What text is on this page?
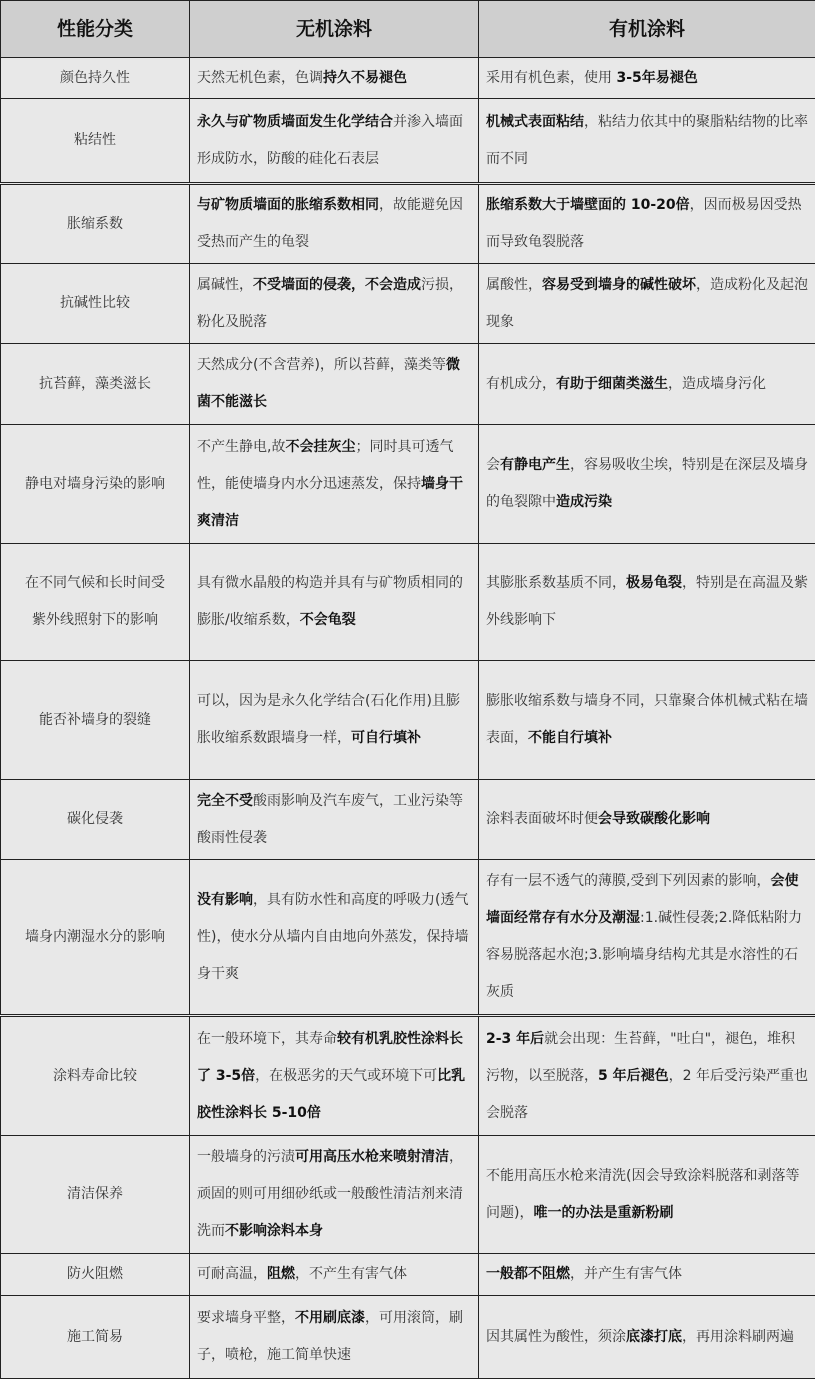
性能分类	无机涂料	有机涂料
颜色持久性	天然无机色素，色调持久不易褪色	采用有机色素，使用 3-5年易褪色
粘结性	永久与矿物质墙面发生化学结合并渗入墙面形成防水，防酸的硅化石表层	机械式表面粘结，粘结力依其中的聚脂粘结物的比率而不同
胀缩系数	与矿物质墙面的胀缩系数相同，故能避免因受热而产生的龟裂	胀缩系数大于墙壁面的 10-20倍，因而极易因受热而导致龟裂脱落
抗碱性比较	属碱性，不受墙面的侵袭，不会造成污损，粉化及脱落	属酸性，容易受到墙身的碱性破坏，造成粉化及起泡现象
抗苔藓，藻类滋长	天然成分(不含营养)，所以苔藓，藻类等微菌不能滋长	有机成分，有助于细菌类滋生，造成墙身污化
静电对墙身污染的影响	不产生静电,故不会挂灰尘；同时具可透气性，能使墙身内水分迅速蒸发，保持墙身干爽清洁	会有静电产生，容易吸收尘埃，特别是在深层及墙身的龟裂隙中造成污染
在不同气候和长时间受紫外线照射下的影响	具有微水晶般的构造并具有与矿物质相同的膨胀/收缩系数，不会龟裂	其膨胀系数基质不同，极易龟裂，特别是在高温及紫外线影响下
能否补墙身的裂缝	可以，因为是永久化学结合(石化作用)且膨胀收缩系数跟墙身一样，可自行填补	膨胀收缩系数与墙身不同，只靠聚合体机械式粘在墙表面，不能自行填补
碳化侵袭	完全不受酸雨影响及汽车废气，工业污染等酸雨性侵袭	涂料表面破坏时便会导致碳酸化影响
墙身内潮湿水分的影响	没有影响，具有防水性和高度的呼吸力(透气性)，使水分从墙内自由地向外蒸发，保持墙身干爽	存有一层不透气的薄膜,受到下列因素的影响，会使墙面经常存有水分及潮湿:1.碱性侵袭;2.降低粘附力容易脱落起水泡;3.影响墙身结构尤其是水溶性的石灰质
涂料寿命比较	在一般环境下，其寿命较有机乳胶性涂料长了 3-5倍，在极恶劣的天气或环境下可比乳胶性涂料长 5-10倍	2-3 年后就会出现：生苔藓，"吐白"，褪色，堆积污物，以至脱落，5 年后褪色，2 年后受污染严重也会脱落
清洁保养	一般墙身的污渍可用高压水枪来喷射清洁，顽固的则可用细砂纸或一般酸性清洁剂来清洗而不影响涂料本身	不能用高压水枪来清洗(因会导致涂料脱落和剥落等问题)，唯一的办法是重新粉刷
防火阻燃	可耐高温，阻燃，不产生有害气体	一般都不阻燃，并产生有害气体
施工简易	要求墙身平整，不用刷底漆，可用滚筒，刷子，喷枪，施工简单快速	因其属性为酸性，须涂底漆打底，再用涂料刷两遍
